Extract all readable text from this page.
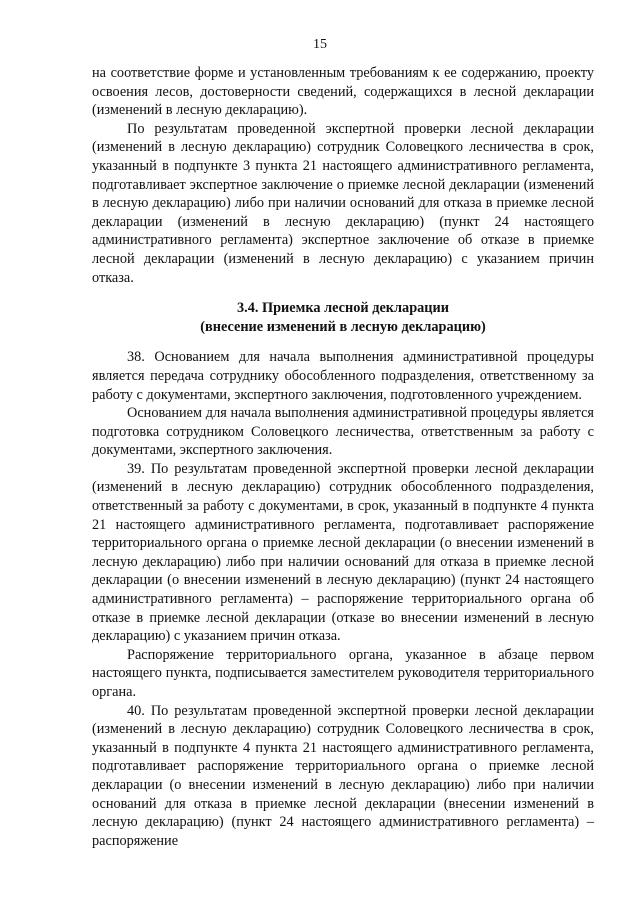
15

на соответствие форме и установленным требованиям к ее содержанию, проекту освоения лесов, достоверности сведений, содержащихся в лесной декларации (изменений в лесную декларацию).

По результатам проведенной экспертной проверки лесной декларации (изменений в лесную декларацию) сотрудник Соловецкого лесничества в срок, указанный в подпункте 3 пункта 21 настоящего административного регламента, подготавливает экспертное заключение о приемке лесной декларации (изменений в лесную декларацию) либо при наличии оснований для отказа в приемке лесной декларации (изменений в лесную декларацию) (пункт 24 настоящего административного регламента) экспертное заключение об отказе в приемке лесной декларации (изменений в лесную декларацию) с указанием причин отказа.

3.4. Приемка лесной декларации
(внесение изменений в лесную декларацию)

38. Основанием для начала выполнения административной процедуры является передача сотруднику обособленного подразделения, ответственному за работу с документами, экспертного заключения, подготовленного учреждением.

Основанием для начала выполнения административной процедуры является подготовка сотрудником Соловецкого лесничества, ответственным за работу с документами, экспертного заключения.

39. По результатам проведенной экспертной проверки лесной декларации (изменений в лесную декларацию) сотрудник обособленного подразделения, ответственный за работу с документами, в срок, указанный в подпункте 4 пункта 21 настоящего административного регламента, подготавливает распоряжение территориального органа о приемке лесной декларации (о внесении изменений в лесную декларацию) либо при наличии оснований для отказа в приемке лесной декларации (о внесении изменений в лесную декларацию) (пункт 24 настоящего административного регламента) – распоряжение территориального органа об отказе в приемке лесной декларации (отказе во внесении изменений в лесную декларацию) с указанием причин отказа.

Распоряжение территориального органа, указанное в абзаце первом настоящего пункта, подписывается заместителем руководителя территориального органа.

40. По результатам проведенной экспертной проверки лесной декларации (изменений в лесную декларацию) сотрудник Соловецкого лесничества в срок, указанный в подпункте 4 пункта 21 настоящего административного регламента, подготавливает распоряжение территориального органа о приемке лесной декларации (о внесении изменений в лесную декларацию) либо при наличии оснований для отказа в приемке лесной декларации (внесении изменений в лесную декларацию) (пункт 24 настоящего административного регламента) – распоряжение
